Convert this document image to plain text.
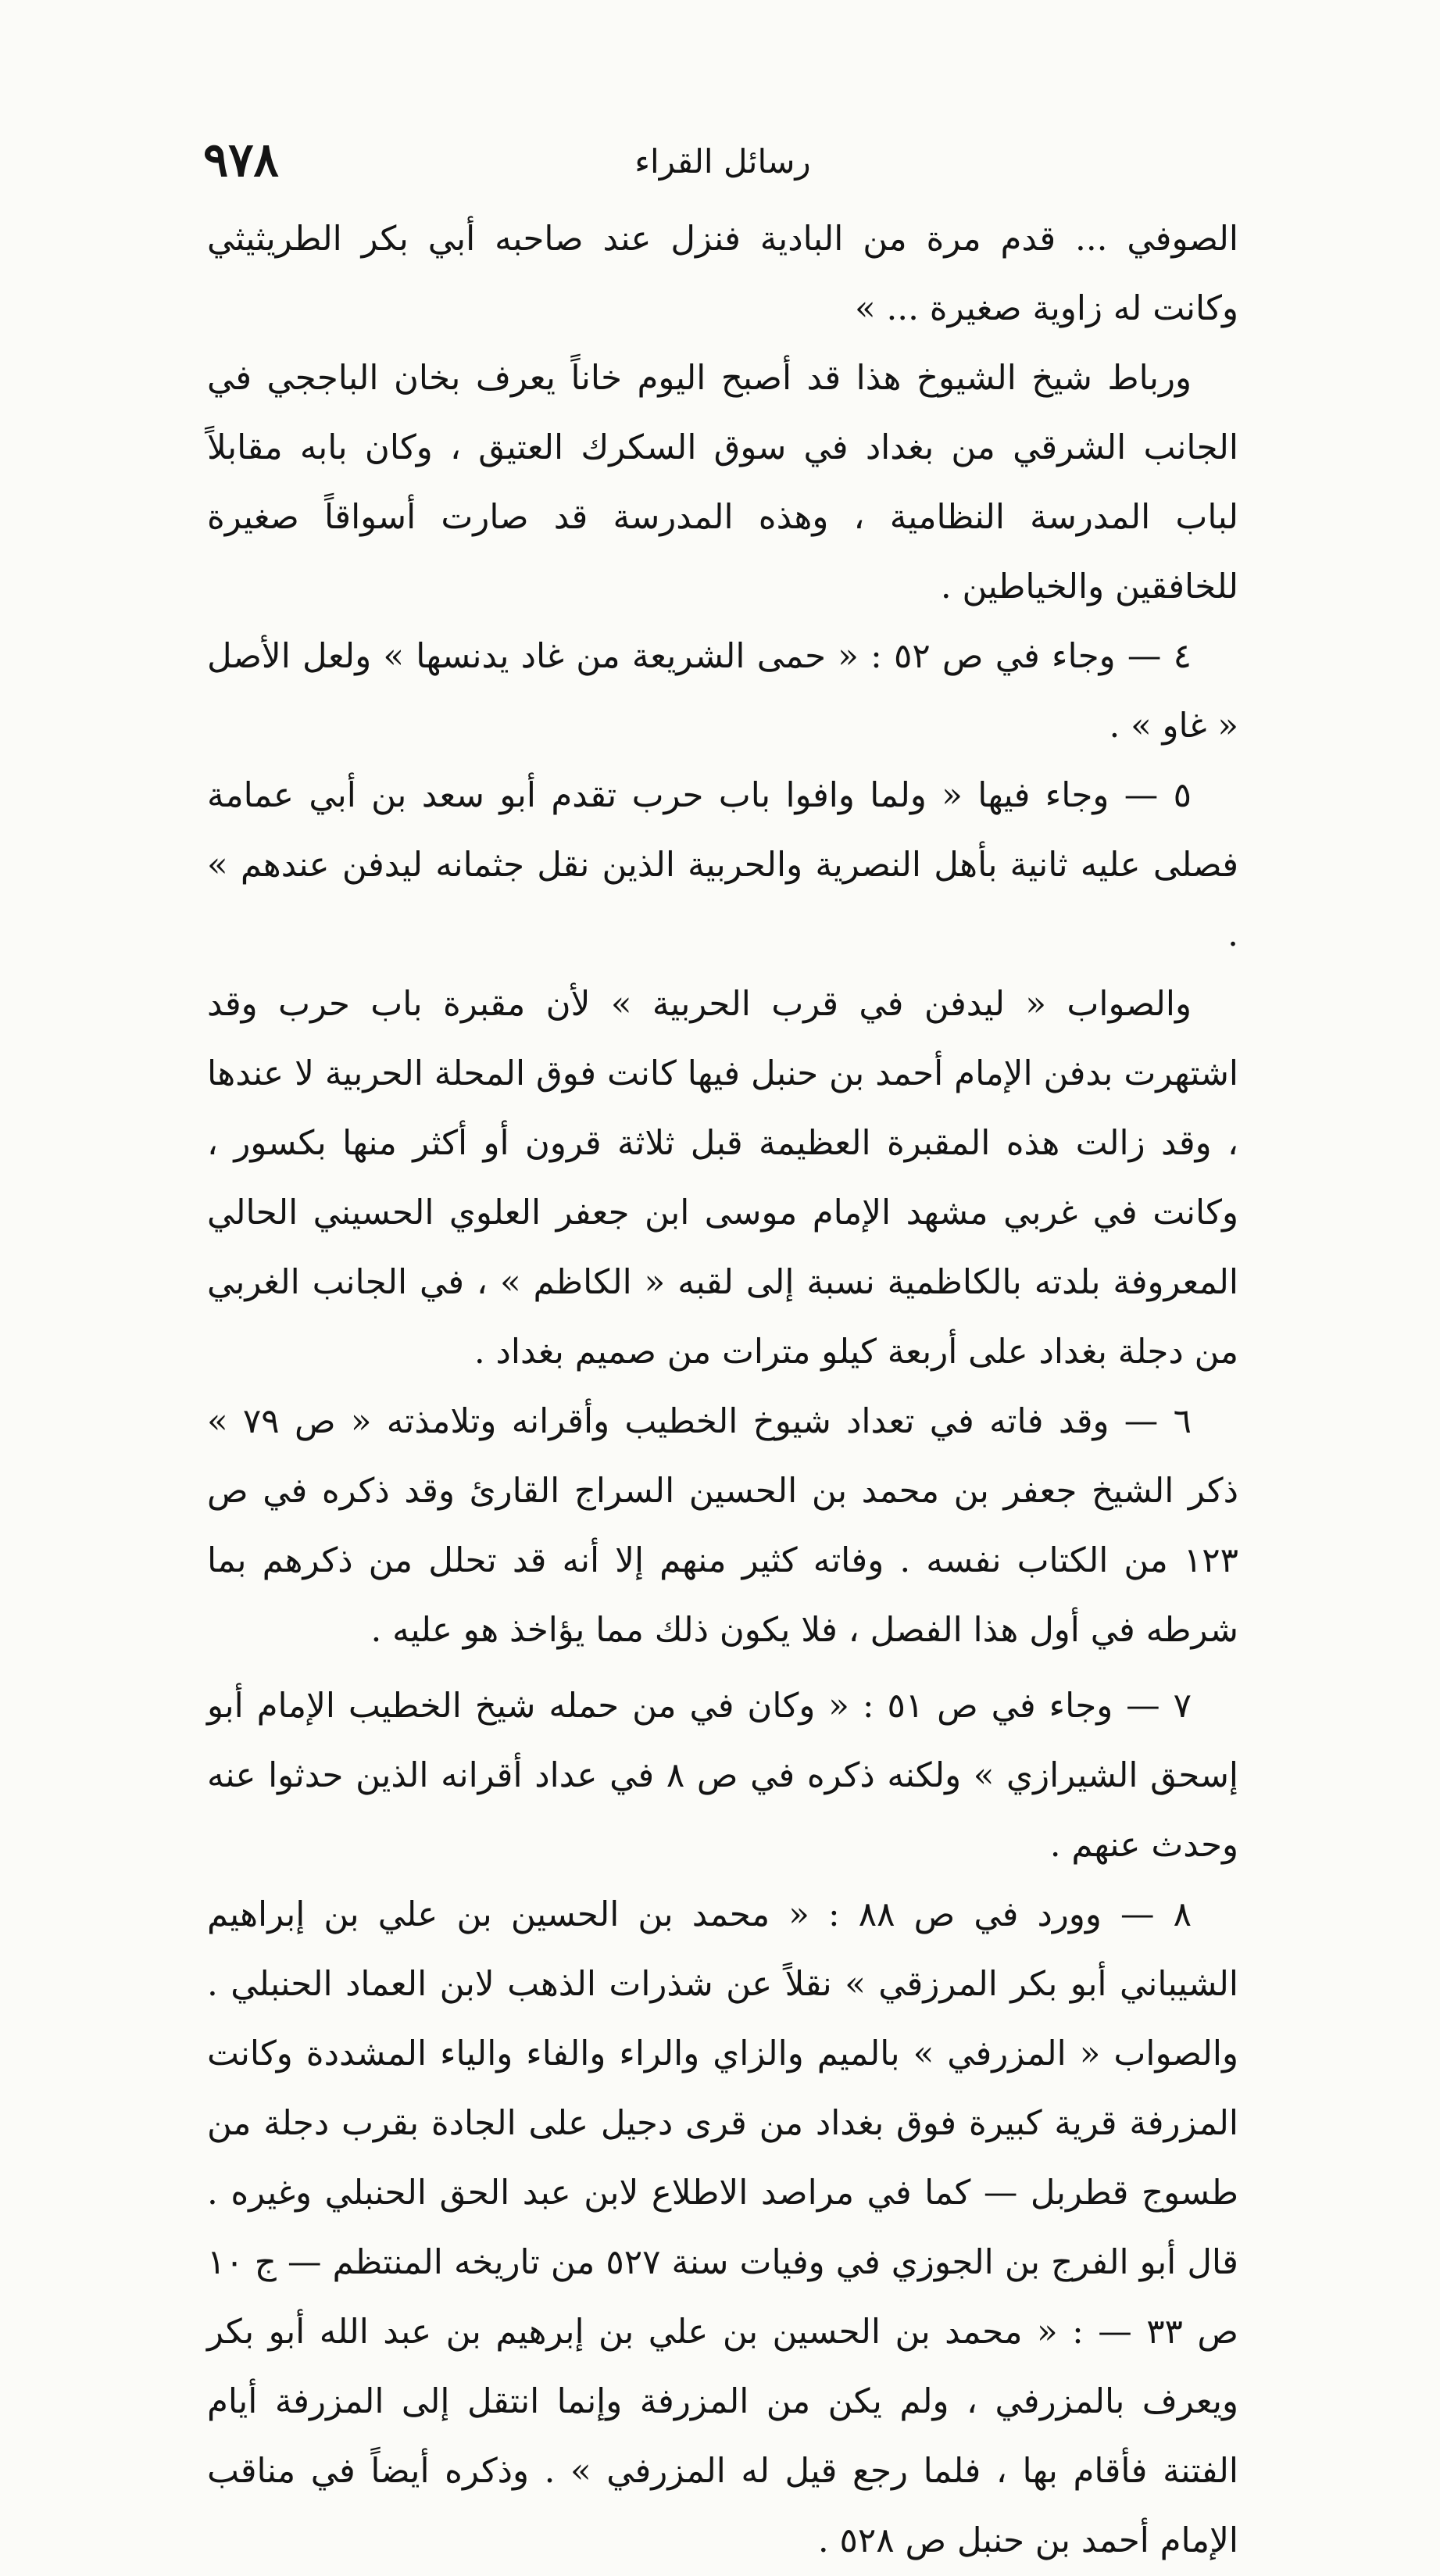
٩٧٨	رسائل القراء

الصوفي ... قدم مرة من البادية فنزل عند صاحبه أبي بكر الطريثيثي وكانت له زاوية صغيرة ... »

ورباط شيخ الشيوخ هذا قد أصبح اليوم خاناً يعرف بخان الباججي في الجانب الشرقي من بغداد في سوق السكرك العتيق ، وكان بابه مقابلاً لباب المدرسة النظامية ، وهذه المدرسة قد صارت أسواقاً صغيرة للخافقين والخياطين .

٤ — وجاء في ص ٥٢ : « حمى الشريعة من غاد يدنسها » ولعل الأصل « غاو » .

٥ — وجاء فيها « ولما وافوا باب حرب تقدم أبو سعد بن أبي عمامة فصلى عليه ثانية بأهل النصرية والحربية الذين نقل جثمانه ليدفن عندهم » .

والصواب « ليدفن في قرب الحربية » لأن مقبرة باب حرب وقد اشتهرت بدفن الإمام أحمد بن حنبل فيها كانت فوق المحلة الحربية لا عندها ، وقد زالت هذه المقبرة العظيمة قبل ثلاثة قرون أو أكثر منها بكسور ، وكانت في غربي مشهد الإمام موسى ابن جعفر العلوي الحسيني الحالي المعروفة بلدته بالكاظمية نسبة إلى لقبه « الكاظم » ، في الجانب الغربي من دجلة بغداد على أربعة كيلو مترات من صميم بغداد .

٦ — وقد فاته في تعداد شيوخ الخطيب وأقرانه وتلامذته « ص ٧٩ » ذكر الشيخ جعفر بن محمد بن الحسين السراج القارئ وقد ذكره في ص ١٢٣ من الكتاب نفسه . وفاته كثير منهم إلا أنه قد تحلل من ذكرهم بما شرطه في أول هذا الفصل ، فلا يكون ذلك مما يؤاخذ هو عليه .

٧ — وجاء في ص ٥١ : « وكان في من حمله شيخ الخطيب الإمام أبو إسحق الشيرازي » ولكنه ذكره في ص ٨ في عداد أقرانه الذين حدثوا عنه وحدث عنهم .

٨ — وورد في ص ٨٨ : « محمد بن الحسين بن علي بن إبراهيم الشيباني أبو بكر المرزقي » نقلاً عن شذرات الذهب لابن العماد الحنبلي . والصواب « المزرفي » بالميم والزاي والراء والفاء والياء المشددة وكانت المزرفة قرية كبيرة فوق بغداد من قرى دجيل على الجادة بقرب دجلة من طسوج قطربل — كما في مراصد الاطلاع لابن عبد الحق الحنبلي وغيره . قال أبو الفرج بن الجوزي في وفيات سنة ٥٢٧ من تاريخه المنتظم — ج ١٠ ص ٣٣ — : « محمد بن الحسين بن علي بن إبرهيم بن عبد الله أبو بكر ويعرف بالمزرفي ، ولم يكن من المزرفة وإنما انتقل إلى المزرفة أيام الفتنة فأقام بها ، فلما رجع قيل له المزرفي » . وذكره أيضاً في مناقب الإمام أحمد بن حنبل ص ٥٢٨ .
